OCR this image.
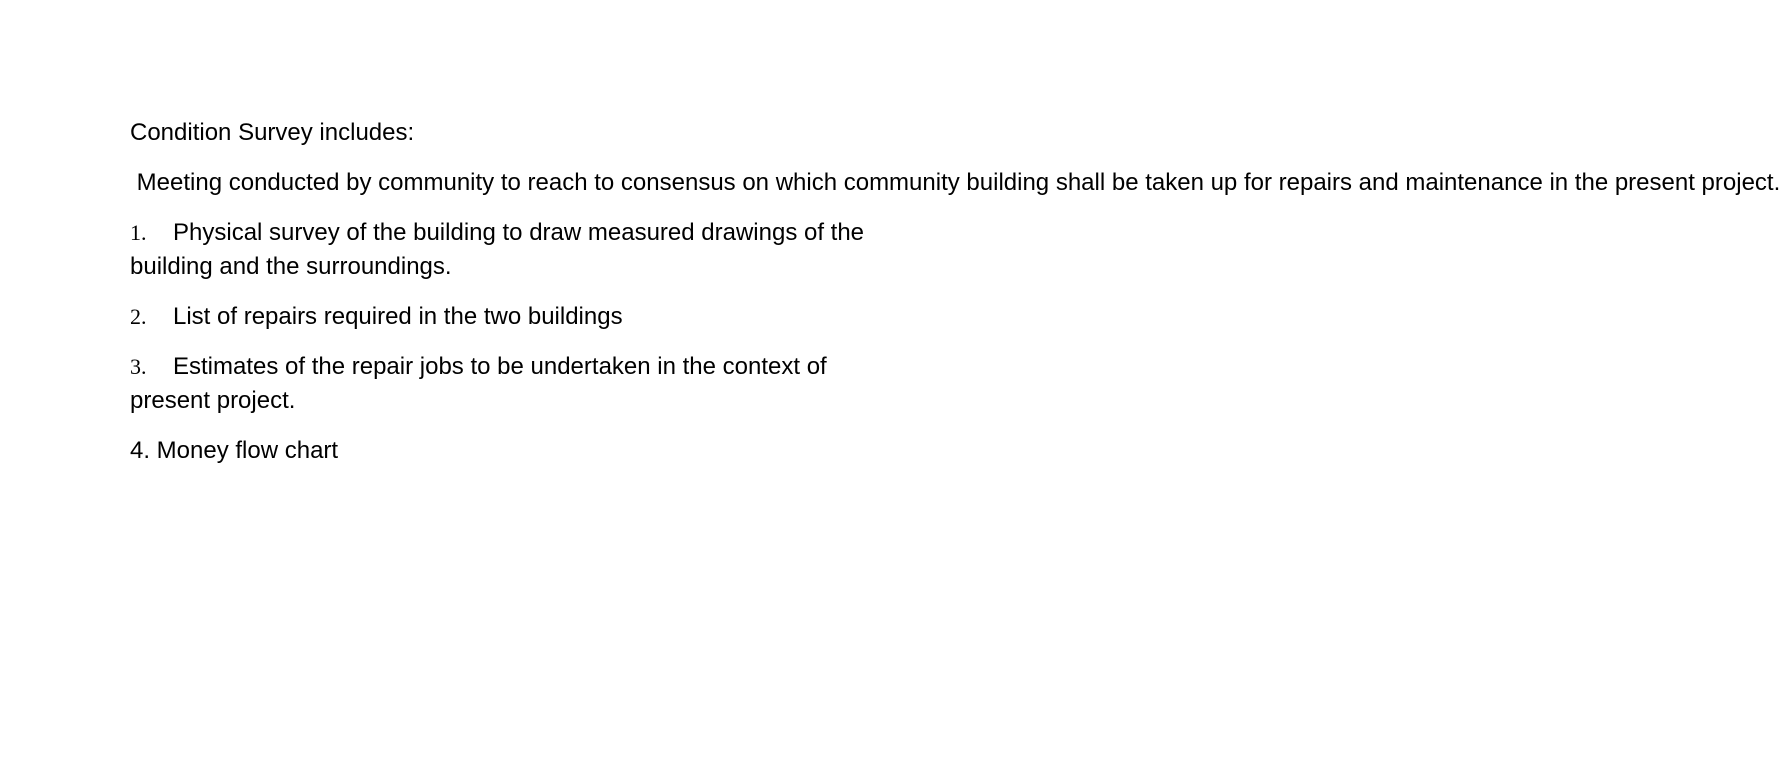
Condition Survey includes:

Meeting conducted by community to reach to consensus on which community building shall be taken up for repairs and maintenance in the present project.

1. Physical survey of the building to draw measured drawings of the building and the surroundings.

2. List of repairs required in the two buildings

3. Estimates of the repair jobs to be undertaken in the context of present project.

4. Money flow chart
